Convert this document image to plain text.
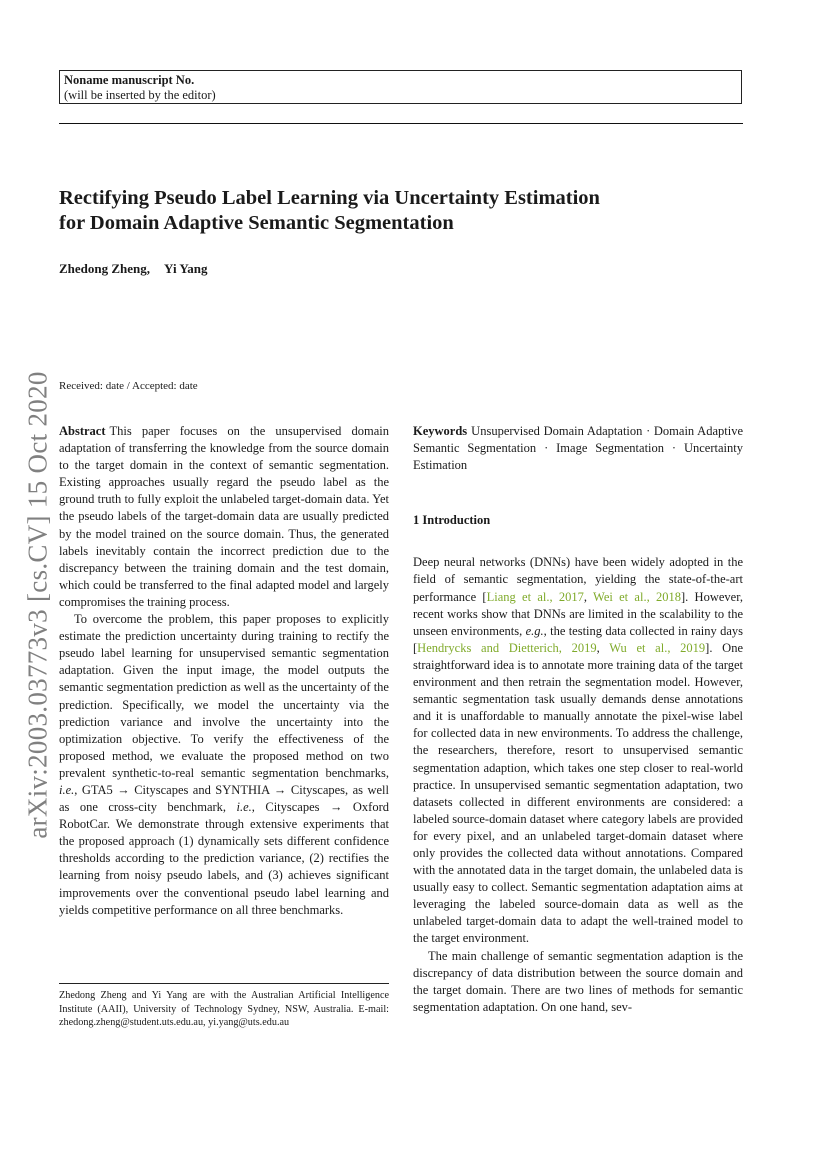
Noname manuscript No.
(will be inserted by the editor)
Rectifying Pseudo Label Learning via Uncertainty Estimation
for Domain Adaptive Semantic Segmentation
Zhedong Zheng, Yi Yang
Received: date / Accepted: date
arXiv:2003.03773v3 [cs.CV] 15 Oct 2020 Abstract This paper focuses on the unsupervised domain adaptation of transferring the knowledge from the source domain to the target domain in the context of semantic segmentation. Existing approaches usually regard the pseudo label as the ground truth to fully exploit the unlabeled target-domain data. Yet the pseudo labels of the target-domain data are usually predicted by the model trained on the source domain. Thus, the generated labels inevitably contain the incorrect prediction due to the discrepancy between the training domain and the test domain, which could be transferred to the final adapted model and largely compromises the training process.

To overcome the problem, this paper proposes to explicitly estimate the prediction uncertainty during training to rectify the pseudo label learning for unsupervised semantic segmentation adaptation. Given the input image, the model outputs the semantic segmentation prediction as well as the uncertainty of the prediction. Specifically, we model the uncertainty via the prediction variance and involve the uncertainty into the optimization objective. To verify the effectiveness of the proposed method, we evaluate the proposed method on two prevalent synthetic-to-real semantic segmentation benchmarks, i.e., GTA5 → Cityscapes and SYNTHIA → Cityscapes, as well as one cross-city benchmark, i.e., Cityscapes → Oxford RobotCar. We demonstrate through extensive experiments that the proposed approach (1) dynamically sets different confidence thresholds according to the prediction variance, (2) rectifies the learning from noisy pseudo labels, and (3) achieves significant improvements over the conventional pseudo label learning and yields competitive performance on all three benchmarks.

Keywords Unsupervised Domain Adaptation · Domain Adaptive Semantic Segmentation · Image Segmentation · Uncertainty Estimation

1 Introduction

Deep neural networks (DNNs) have been widely adopted in the field of semantic segmentation, yielding the state-of-the-art performance [Liang et al., 2017, Wei et al., 2018]. However, recent works show that DNNs are limited in the scalability to the unseen environments, e.g., the testing data collected in rainy days [Hendrycks and Dietterich, 2019, Wu et al., 2019]. One straightforward idea is to annotate more training data of the target environment and then retrain the segmentation model. However, semantic segmentation task usually demands dense annotations and it is unaffordable to manually annotate the pixel-wise label for collected data in new environments. To address the challenge, the researchers, therefore, resort to unsupervised semantic segmentation adaption, which takes one step closer to real-world practice. In unsupervised semantic segmentation adaptation, two datasets collected in different environments are considered: a labeled source-domain dataset where category labels are provided for every pixel, and an unlabeled target-domain dataset where only provides the collected data without annotations. Compared with the annotated data in the target domain, the unlabeled data is usually easy to collect. Semantic segmentation adaptation aims at leveraging the labeled source-domain data as well as the unlabeled target-domain data to adapt the well-trained model to the target environment.

The main challenge of semantic segmentation adaption is the discrepancy of data distribution between the source domain and the target domain. There are two lines of methods for semantic segmentation adaptation. On one hand, sev-

Zhedong Zheng and Yi Yang are with the Australian Artificial Intelligence Institute (AAII), University of Technology Sydney, NSW, Australia. E-mail: zhedong.zheng@student.uts.edu.au, yi.yang@uts.edu.au
